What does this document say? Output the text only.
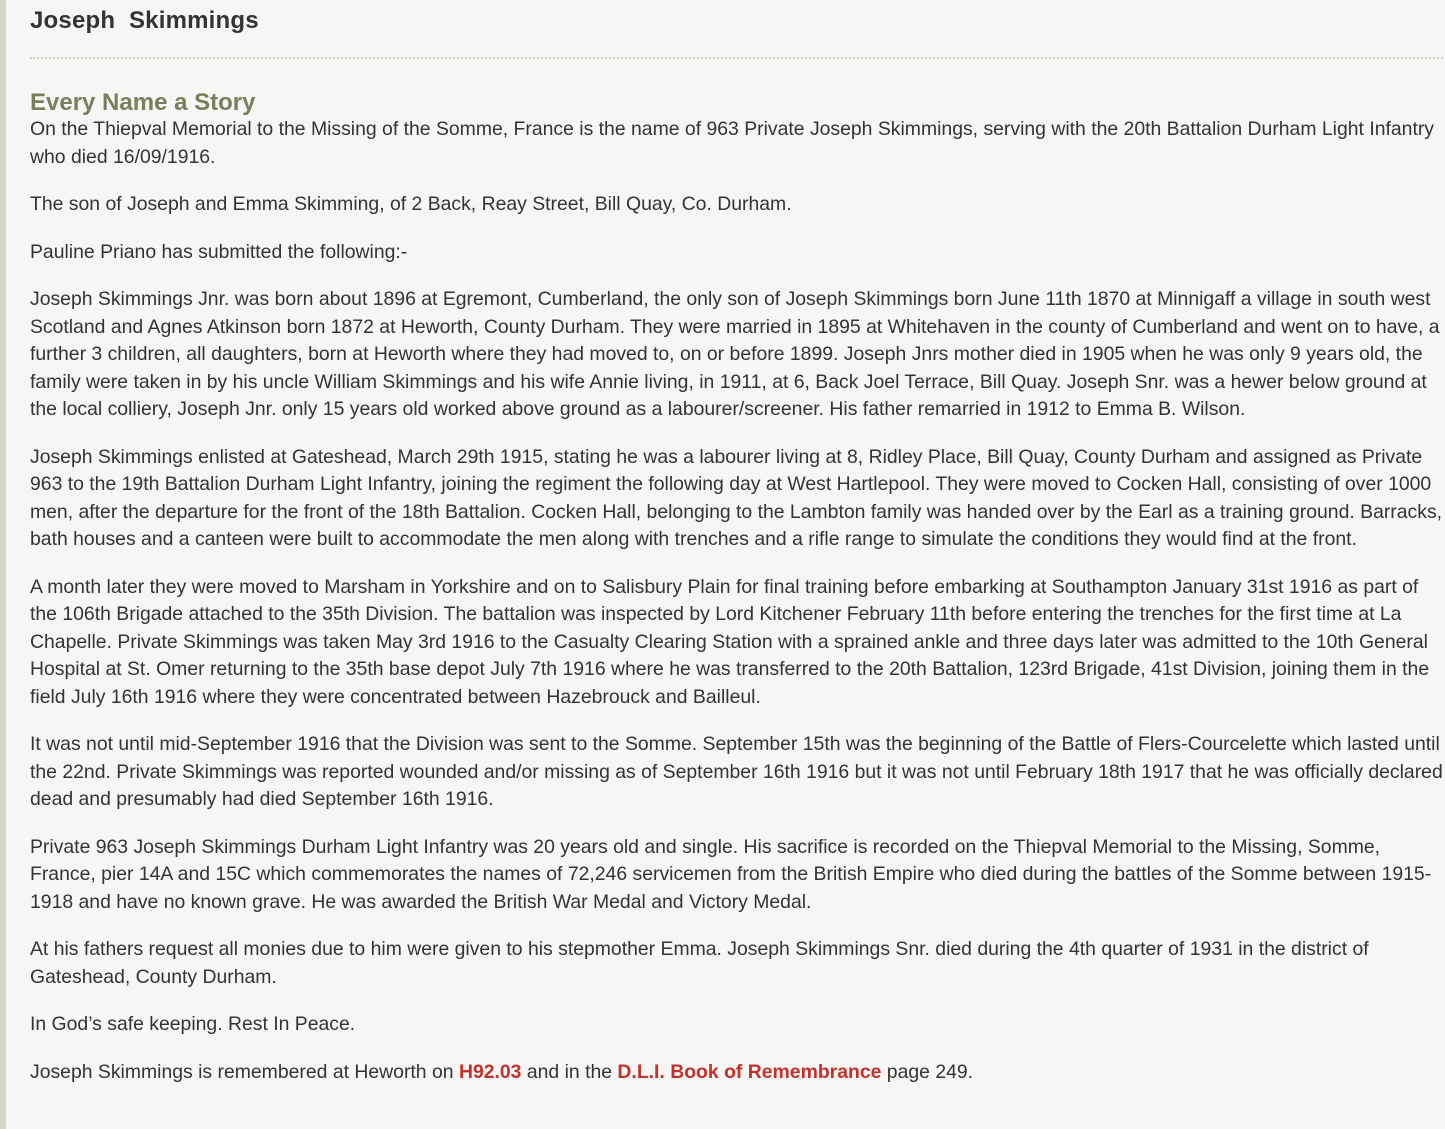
Joseph  Skimmings
Every Name a Story

On the Thiepval Memorial to the Missing of the Somme, France is the name of 963 Private Joseph Skimmings, serving with the 20th Battalion Durham Light Infantry who died 16/09/1916.

The son of Joseph and Emma Skimming, of 2 Back, Reay Street, Bill Quay, Co. Durham.

Pauline Priano has submitted the following:-

Joseph Skimmings Jnr. was born about 1896 at Egremont, Cumberland, the only son of Joseph Skimmings born June 11th 1870 at Minnigaff a village in south west Scotland and Agnes Atkinson born 1872 at Heworth, County Durham. They were married in 1895 at Whitehaven in the county of Cumberland and went on to have, a further 3 children, all daughters, born at Heworth where they had moved to, on or before 1899. Joseph Jnrs mother died in 1905 when he was only 9 years old, the family were taken in by his uncle William Skimmings and his wife Annie living, in 1911, at 6, Back Joel Terrace, Bill Quay. Joseph Snr. was a hewer below ground at the local colliery, Joseph Jnr. only 15 years old worked above ground as a labourer/screener. His father remarried in 1912 to Emma B. Wilson.

Joseph Skimmings enlisted at Gateshead, March 29th 1915, stating he was a labourer living at 8, Ridley Place, Bill Quay, County Durham and assigned as Private 963 to the 19th Battalion Durham Light Infantry, joining the regiment the following day at West Hartlepool. They were moved to Cocken Hall, consisting of over 1000 men, after the departure for the front of the 18th Battalion. Cocken Hall, belonging to the Lambton family was handed over by the Earl as a training ground. Barracks, bath houses and a canteen were built to accommodate the men along with trenches and a rifle range to simulate the conditions they would find at the front.

A month later they were moved to Marsham in Yorkshire and on to Salisbury Plain for final training before embarking at Southampton January 31st 1916 as part of the 106th Brigade attached to the 35th Division. The battalion was inspected by Lord Kitchener February 11th before entering the trenches for the first time at La Chapelle. Private Skimmings was taken May 3rd 1916 to the Casualty Clearing Station with a sprained ankle and three days later was admitted to the 10th General Hospital at St. Omer returning to the 35th base depot July 7th 1916 where he was transferred to the 20th Battalion, 123rd Brigade, 41st Division, joining them in the field July 16th 1916 where they were concentrated between Hazebrouck and Bailleul.

It was not until mid-September 1916 that the Division was sent to the Somme. September 15th was the beginning of the Battle of Flers-Courcelette which lasted until the 22nd. Private Skimmings was reported wounded and/or missing as of September 16th 1916 but it was not until February 18th 1917 that he was officially declared dead and presumably had died September 16th 1916.

Private 963 Joseph Skimmings Durham Light Infantry was 20 years old and single. His sacrifice is recorded on the Thiepval Memorial to the Missing, Somme, France, pier 14A and 15C which commemorates the names of 72,246 servicemen from the British Empire who died during the battles of the Somme between 1915-1918 and have no known grave. He was awarded the British War Medal and Victory Medal.

At his fathers request all monies due to him were given to his stepmother Emma. Joseph Skimmings Snr. died during the 4th quarter of 1931 in the district of Gateshead, County Durham.

In God’s safe keeping. Rest In Peace.

Joseph Skimmings is remembered at Heworth on H92.03 and in the D.L.I. Book of Remembrance page 249.
